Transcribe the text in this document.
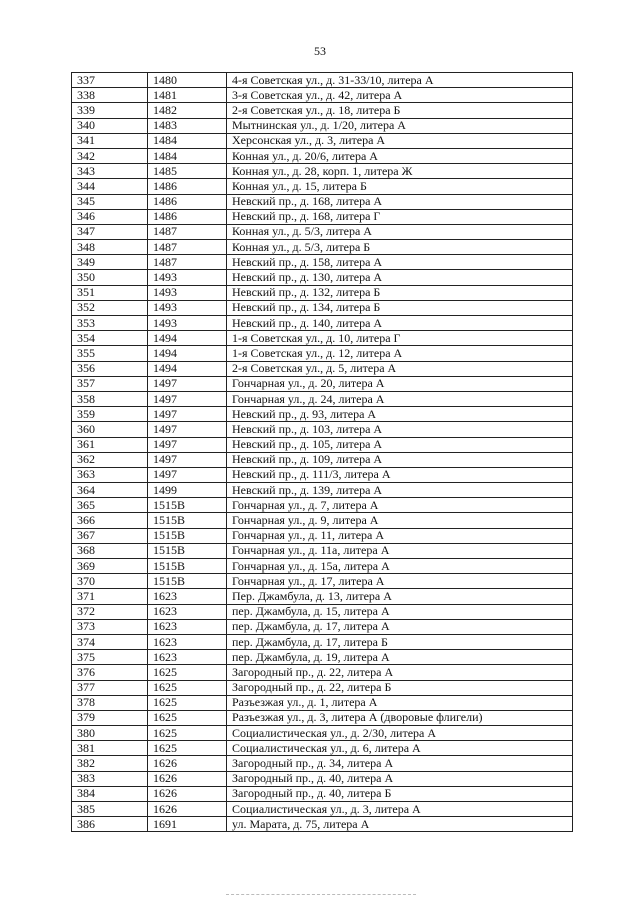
53
337	1480	4-я Советская ул., д. 31-33/10, литера А
338	1481	3-я Советская ул., д. 42, литера А
339	1482	2-я Советская ул., д. 18, литера Б
340	1483	Мытнинская ул., д. 1/20, литера А
341	1484	Херсонская ул., д. 3, литера А
342	1484	Конная ул., д. 20/6, литера А
343	1485	Конная ул., д. 28, корп. 1, литера Ж
344	1486	Конная ул., д. 15, литера Б
345	1486	Невский пр., д. 168, литера А
346	1486	Невский пр., д. 168, литера Г
347	1487	Конная ул., д. 5/3, литера А
348	1487	Конная ул., д. 5/3, литера Б
349	1487	Невский пр., д. 158, литера А
350	1493	Невский пр., д. 130, литера А
351	1493	Невский пр., д. 132, литера Б
352	1493	Невский пр., д. 134, литера Б
353	1493	Невский пр., д. 140, литера А
354	1494	1-я Советская ул., д. 10, литера Г
355	1494	1-я Советская ул., д. 12, литера А
356	1494	2-я Советская ул., д. 5, литера А
357	1497	Гончарная ул., д. 20, литера А
358	1497	Гончарная ул., д. 24, литера А
359	1497	Невский пр., д. 93, литера А
360	1497	Невский пр., д. 103, литера А
361	1497	Невский пр., д. 105, литера А
362	1497	Невский пр., д. 109, литера А
363	1497	Невский пр., д. 111/3, литера А
364	1499	Невский пр., д. 139, литера А
365	1515В	Гончарная ул., д. 7, литера А
366	1515В	Гончарная ул., д. 9, литера А
367	1515В	Гончарная ул., д. 11, литера А
368	1515В	Гончарная ул., д. 11а, литера А
369	1515В	Гончарная ул., д. 15а, литера А
370	1515В	Гончарная ул., д. 17, литера А
371	1623	Пер. Джамбула, д. 13, литера А
372	1623	пер. Джамбула, д. 15, литера А
373	1623	пер. Джамбула, д. 17, литера А
374	1623	пер. Джамбула, д. 17, литера Б
375	1623	пер. Джамбула, д. 19, литера А
376	1625	Загородный пр., д. 22, литера А
377	1625	Загородный пр., д. 22, литера Б
378	1625	Разъезжая ул., д. 1, литера А
379	1625	Разъезжая ул., д. 3, литера А (дворовые флигели)
380	1625	Социалистическая ул., д. 2/30, литера А
381	1625	Социалистическая ул., д. 6, литера А
382	1626	Загородный пр., д. 34, литера А
383	1626	Загородный пр., д. 40, литера А
384	1626	Загородный пр., д. 40, литера Б
385	1626	Социалистическая ул., д. 3, литера А
386	1691	ул. Марата, д. 75, литера А
